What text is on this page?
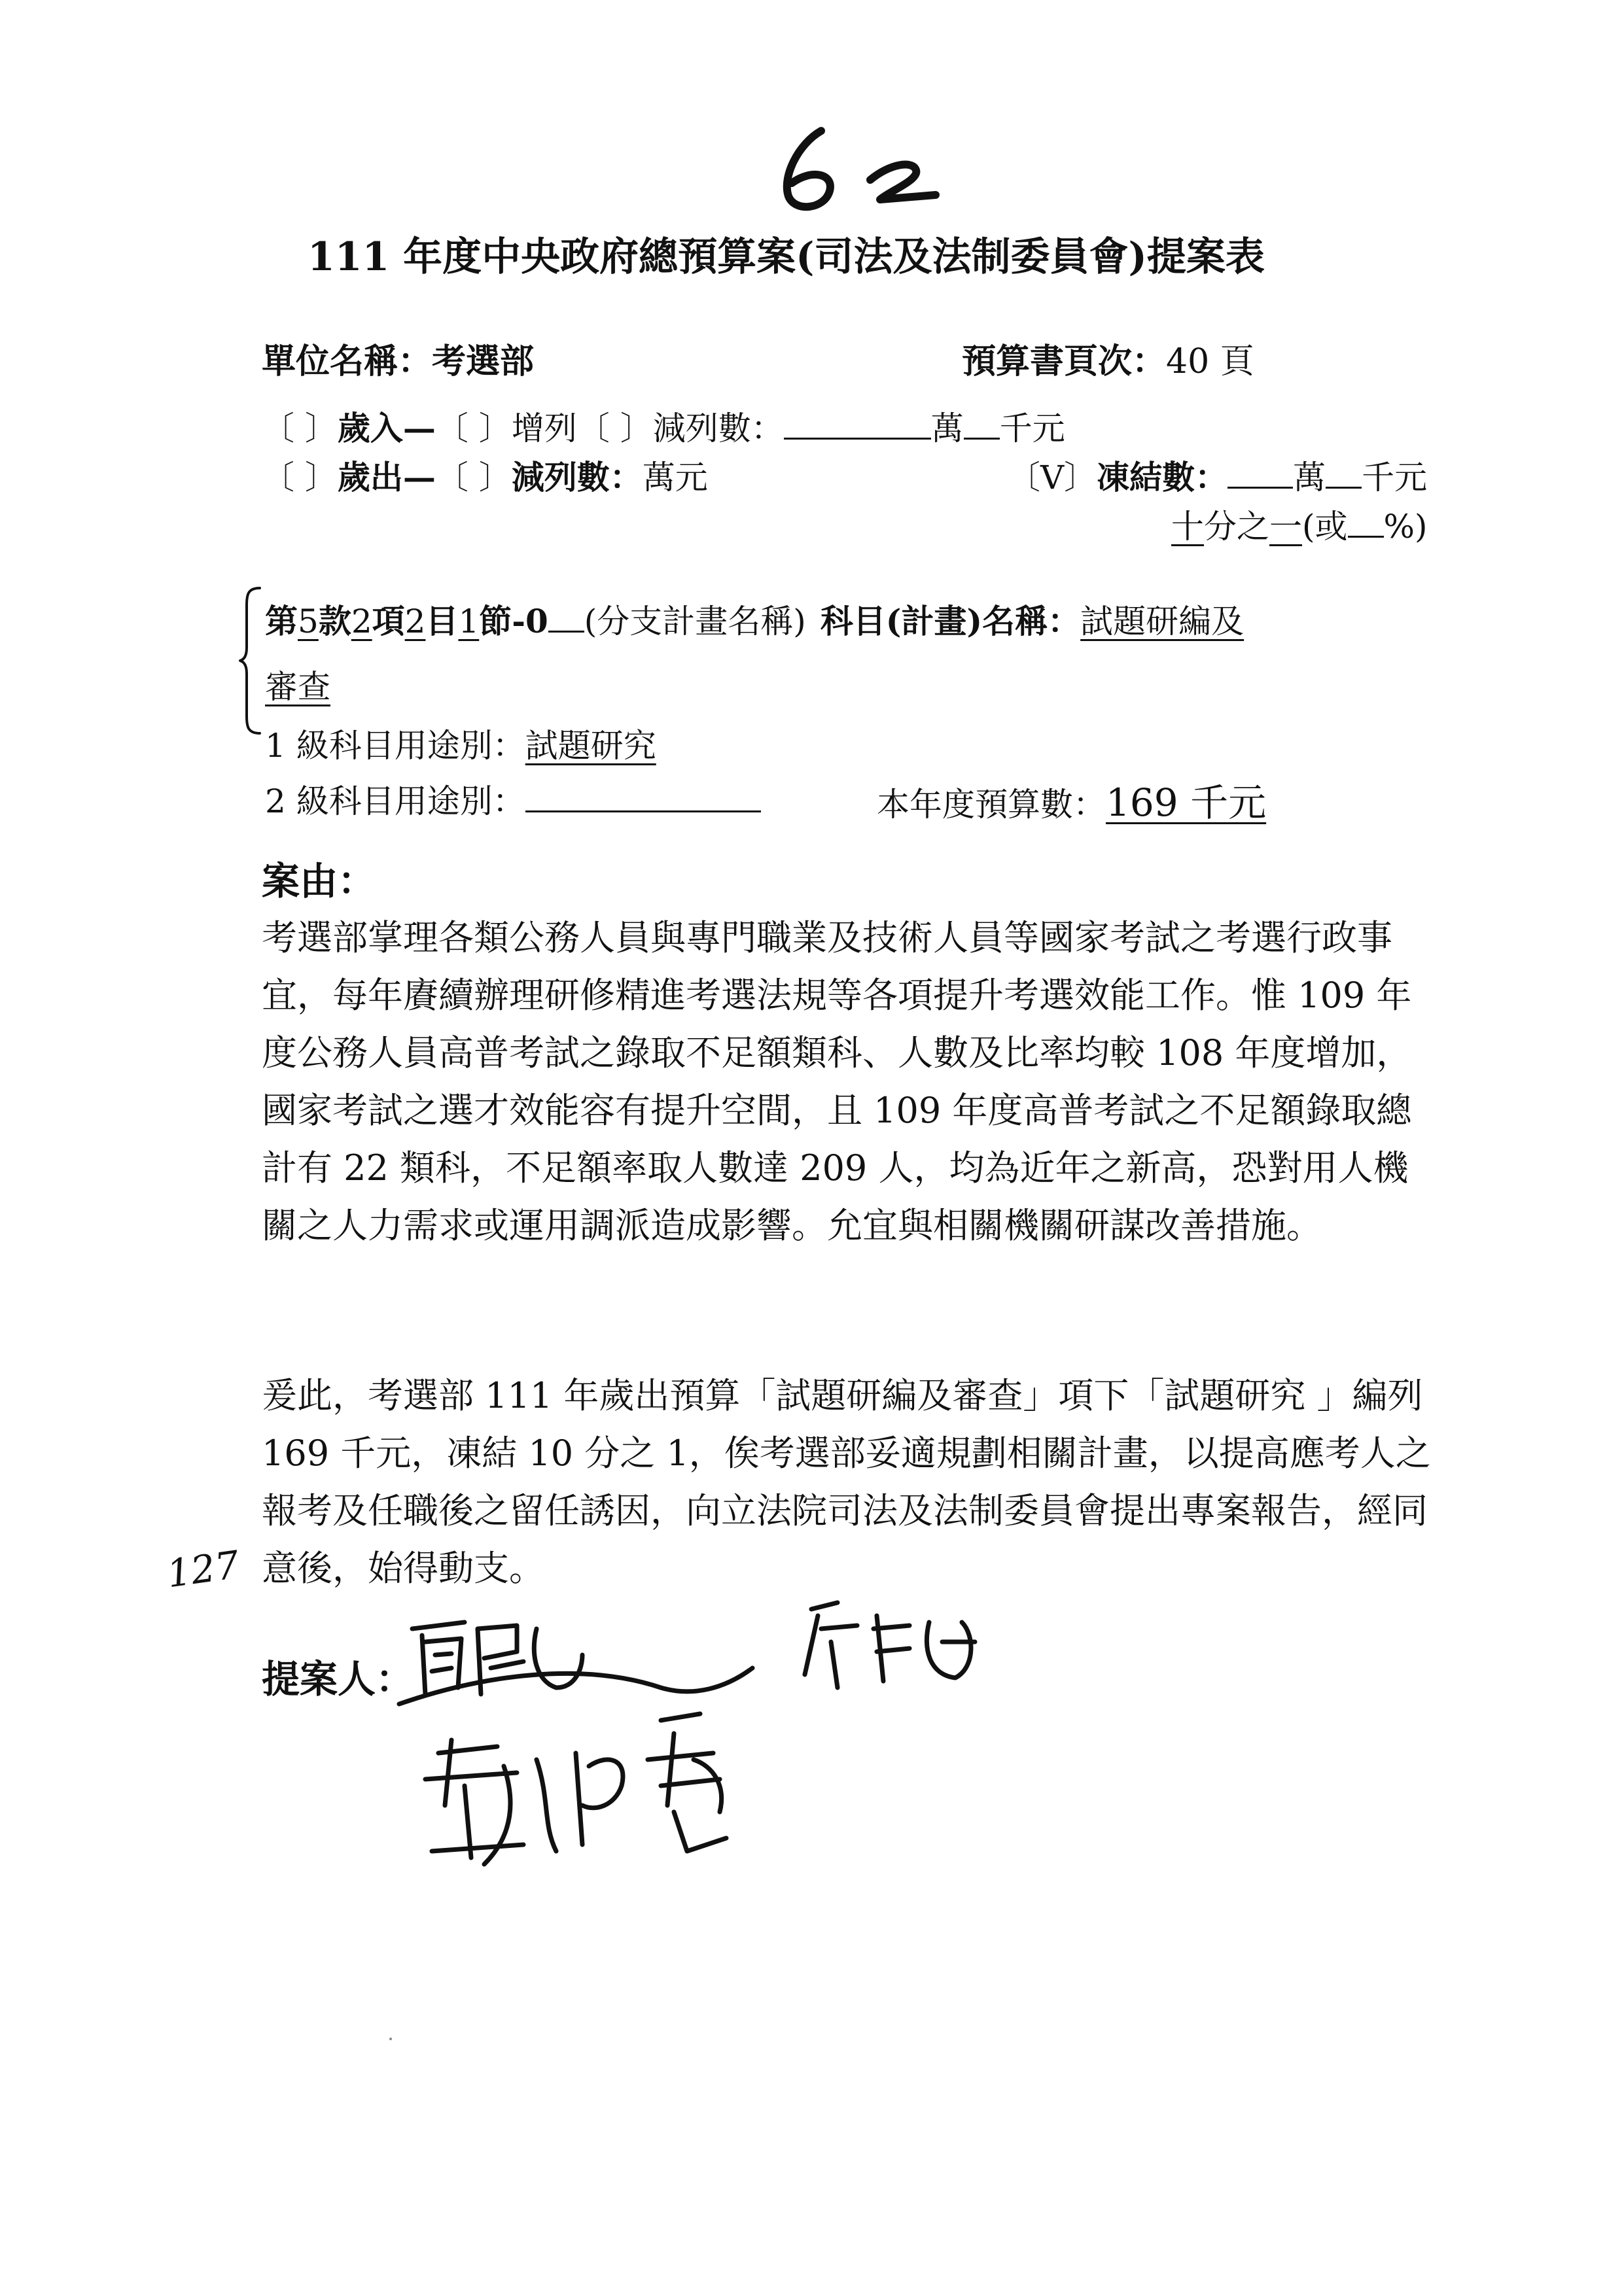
111 年度中央政府總預算案(司法及法制委員會)提案表
單位名稱：考選部	預算書頁次：40 頁
〔 〕歲入—〔 〕增列〔 〕減列數：	萬 千元
〔 〕歲出—〔 〕減列數：萬元	〔V〕凍結數： 萬 千元
十分之一(或 %)
第5款2項2目1節-0 (分支計畫名稱) 科目(計畫)名稱：試題研編及
審查
1 級科目用途別：試題研究
2 級科目用途別：	本年度預算數：169 千元
案由：
考選部掌理各類公務人員與專門職業及技術人員等國家考試之考選行政事宜，每年賡續辦理研修精進考選法規等各項提升考選效能工作。惟 109 年度公務人員高普考試之錄取不足額類科、人數及比率均較 108 年度增加，國家考試之選才效能容有提升空間，且 109 年度高普考試之不足額錄取總計有 22 類科，不足額率取人數達 209 人，均為近年之新高，恐對用人機關之人力需求或運用調派造成影響。允宜與相關機關研謀改善措施。
爰此，考選部 111 年歲出預算「試題研編及審查」項下「試題研究 」編列 169 千元，凍結 10 分之 1，俟考選部妥適規劃相關計畫，以提高應考人之報考及任職後之留任誘因，向立法院司法及法制委員會提出專案報告，經同意後，始得動支。
127
提案人：
